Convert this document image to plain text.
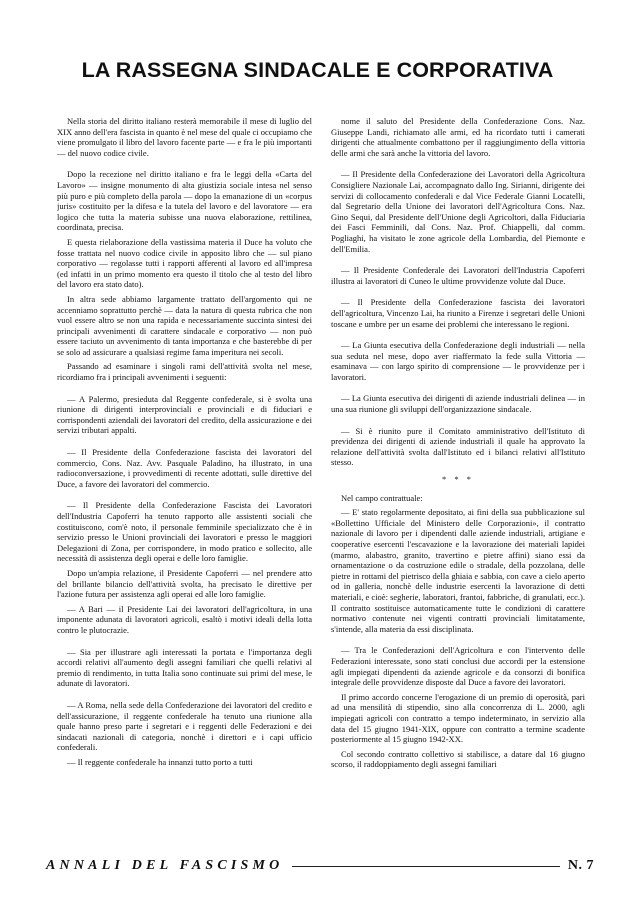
LA RASSEGNA SINDACALE E CORPORATIVA

Nella storia del diritto italiano resterà memorabile il mese di luglio del XIX anno dell'era fascista in quanto è nel mese del quale ci occupiamo che viene promulgato il libro del lavoro facente parte — e fra le più importanti — del nuovo codice civile.

Dopo la recezione nel diritto italiano e fra le leggi della «Carta del Lavoro» — insigne monumento di alta giustizia sociale intesa nel senso più puro e più completo della parola — dopo la emanazione di un «corpus juris» costituito per la difesa e la tutela del lavoro e del lavoratore — era logico che tutta la materia subisse una nuova elaborazione, rettilinea, coordinata, precisa.

E questa rielaborazione della vastissima materia il Duce ha voluto che fosse trattata nel nuovo codice civile in apposito libro che — sul piano corporativo — regolasse tutti i rapporti afferenti al lavoro ed all'impresa (ed infatti in un primo momento era questo il titolo che al testo del libro del lavoro era stato dato).

In altra sede abbiamo largamente trattato dell'argomento qui ne accenniamo soprattutto perchè — data la natura di questa rubrica che non vuol essere altro se non una rapida e necessariamente succinta sintesi dei principali avvenimenti di carattere sindacale e corporativo — non può essere taciuto un avvenimento di tanta importanza e che basterebbe di per se solo ad assicurare a qualsiasi regime fama imperitura nei secoli.

Passando ad esaminare i singoli rami dell'attività svolta nel mese, ricordiamo fra i principali avvenimenti i seguenti:

— A Palermo, presieduta dal Reggente confederale, si è svolta una riunione di dirigenti interprovinciali e provinciali e di fiduciari e corrispondenti aziendali dei lavoratori del credito, della assicurazione e dei servizi tributari appalti.

— Il Presidente della Confederazione fascista dei lavoratori del commercio, Cons. Naz. Avv. Pasquale Paladino, ha illustrato, in una radioconversazione, i provvedimenti di recente adottati, sulle direttive del Duce, a favore dei lavoratori del commercio.

— Il Presidente della Confederazione Fascista dei Lavoratori dell'Industria Capoferri ha tenuto rapporto alle assistenti sociali che costituiscono, com'è noto, il personale femminile specializzato che è in servizio presso le Unioni provinciali dei lavoratori e presso le maggiori Delegazioni di Zona, per corrispondere, in modo pratico e sollecito, alle necessità di assistenza degli operai e delle loro famiglie.

Dopo un'ampia relazione, il Presidente Capoferri — nel prendere atto del brillante bilancio dell'attività svolta, ha precisato le direttive per l'azione futura per assistenza agli operai ed alle loro famiglie.

— A Bari — il Presidente Lai dei lavoratori dell'agricoltura, in una imponente adunata di lavoratori agricoli, esaltò i motivi ideali della lotta contro le plutocrazie.

— Sia per illustrare agli interessati la portata e l'importanza degli accordi relativi all'aumento degli assegni familiari che quelli relativi al premio di rendimento, in tutta Italia sono continuate sui primi del mese, le adunate di lavoratori.

— A Roma, nella sede della Confederazione dei lavoratori del credito e dell'assicurazione, il reggente confederale ha tenuto una riunione alla quale hanno preso parte i segretari e i reggenti delle Federazioni e dei sindacati nazionali di categoria, nonchè i direttori e i capi ufficio confederali.

— Il reggente confederale ha innanzi tutto porto a tutti

nome il saluto del Presidente della Confederazione Cons. Naz. Giuseppe Landi, richiamato alle armi, ed ha ricordato tutti i camerati dirigenti che attualmente combattono per il raggiungimento della vittoria delle armi che sarà anche la vittoria del lavoro.

— Il Presidente della Confederazione dei Lavoratori della Agricoltura Consigliere Nazionale Lai, accompagnato dallo Ing. Sirianni, dirigente dei servizi di collocamento confederali e dal Vice Federale Gianni Locatelli, dal Segretario della Unione dei lavoratori dell'Agricoltura Cons. Naz. Gino Sequi, dal Presidente dell'Unione degli Agricoltori, dalla Fiduciaria dei Fasci Femminili, dal Cons. Naz. Prof. Chiappelli, dal comm. Pogliaghi, ha visitato le zone agricole della Lombardia, del Piemonte e dell'Emilia.

— Il Presidente Confederale dei Lavoratori dell'Industria Capoferri illustra ai lavoratori di Cuneo le ultime provvidenze volute dal Duce.

— Il Presidente della Confederazione fascista dei lavoratori dell'agricoltura, Vincenzo Lai, ha riunito a Firenze i segretari delle Unioni toscane e umbre per un esame dei problemi che interessano le regioni.

— La Giunta esecutiva della Confederazione degli industriali — nella sua seduta nel mese, dopo aver riaffermato la fede sulla Vittoria — esaminava — con largo spirito di comprensione — le provvidenze per i lavoratori.

— La Giunta esecutiva dei dirigenti di aziende industriali delinea — in una sua riunione gli sviluppi dell'organizzazione sindacale.

— Si è riunito pure il Comitato amministrativo dell'Istituto di previdenza dei dirigenti di aziende industriali il quale ha approvato la relazione dell'attività svolta dall'Istituto ed i bilanci relativi all'Istituto stesso.

* * *

Nel campo contrattuale:

— E' stato regolarmente depositato, ai fini della sua pubblicazione sul «Bollettino Ufficiale del Ministero delle Corporazioni», il contratto nazionale di lavoro per i dipendenti dalle aziende industriali, artigiane e cooperative esercenti l'escavazione e la lavorazione dei materiali lapidei (marmo, alabastro, granito, travertino e pietre affini) siano essi da ornamentazione o da costruzione edile o stradale, della pozzolana, delle pietre in rottami del pietrisco della ghiaia e sabbia, con cave a cielo aperto od in galleria, nonchè delle industrie esercenti la lavorazione di detti materiali, e cioè: segherie, laboratori, frantoi, fabbriche, di granulati, ecc.). Il contratto sostituisce automaticamente tutte le condizioni di carattere normativo contenute nei vigenti contratti provinciali limitatamente, s'intende, alla materia da essi disciplinata.

— Tra le Confederazioni dell'Agricoltura e con l'intervento delle Federazioni interessate, sono stati conclusi due accordi per la estensione agli impiegati dipendenti da aziende agricole e da consorzi di bonifica integrale delle provvidenze disposte dal Duce a favore dei lavoratori.

Il primo accordo concerne l'erogazione di un premio di operosità, pari ad una mensilità di stipendio, sino alla concorrenza di L. 2000, agli impiegati agricoli con contratto a tempo indeterminato, in servizio alla data del 15 giugno 1941-XIX, oppure con contratto a termine scadente posteriormente al 15 giugno 1942-XX.

Col secondo contratto collettivo si stabilisce, a datare dal 16 giugno scorso, il raddoppiamento degli assegni familiari

ANNALI DEL FASCISMO	N. 7
